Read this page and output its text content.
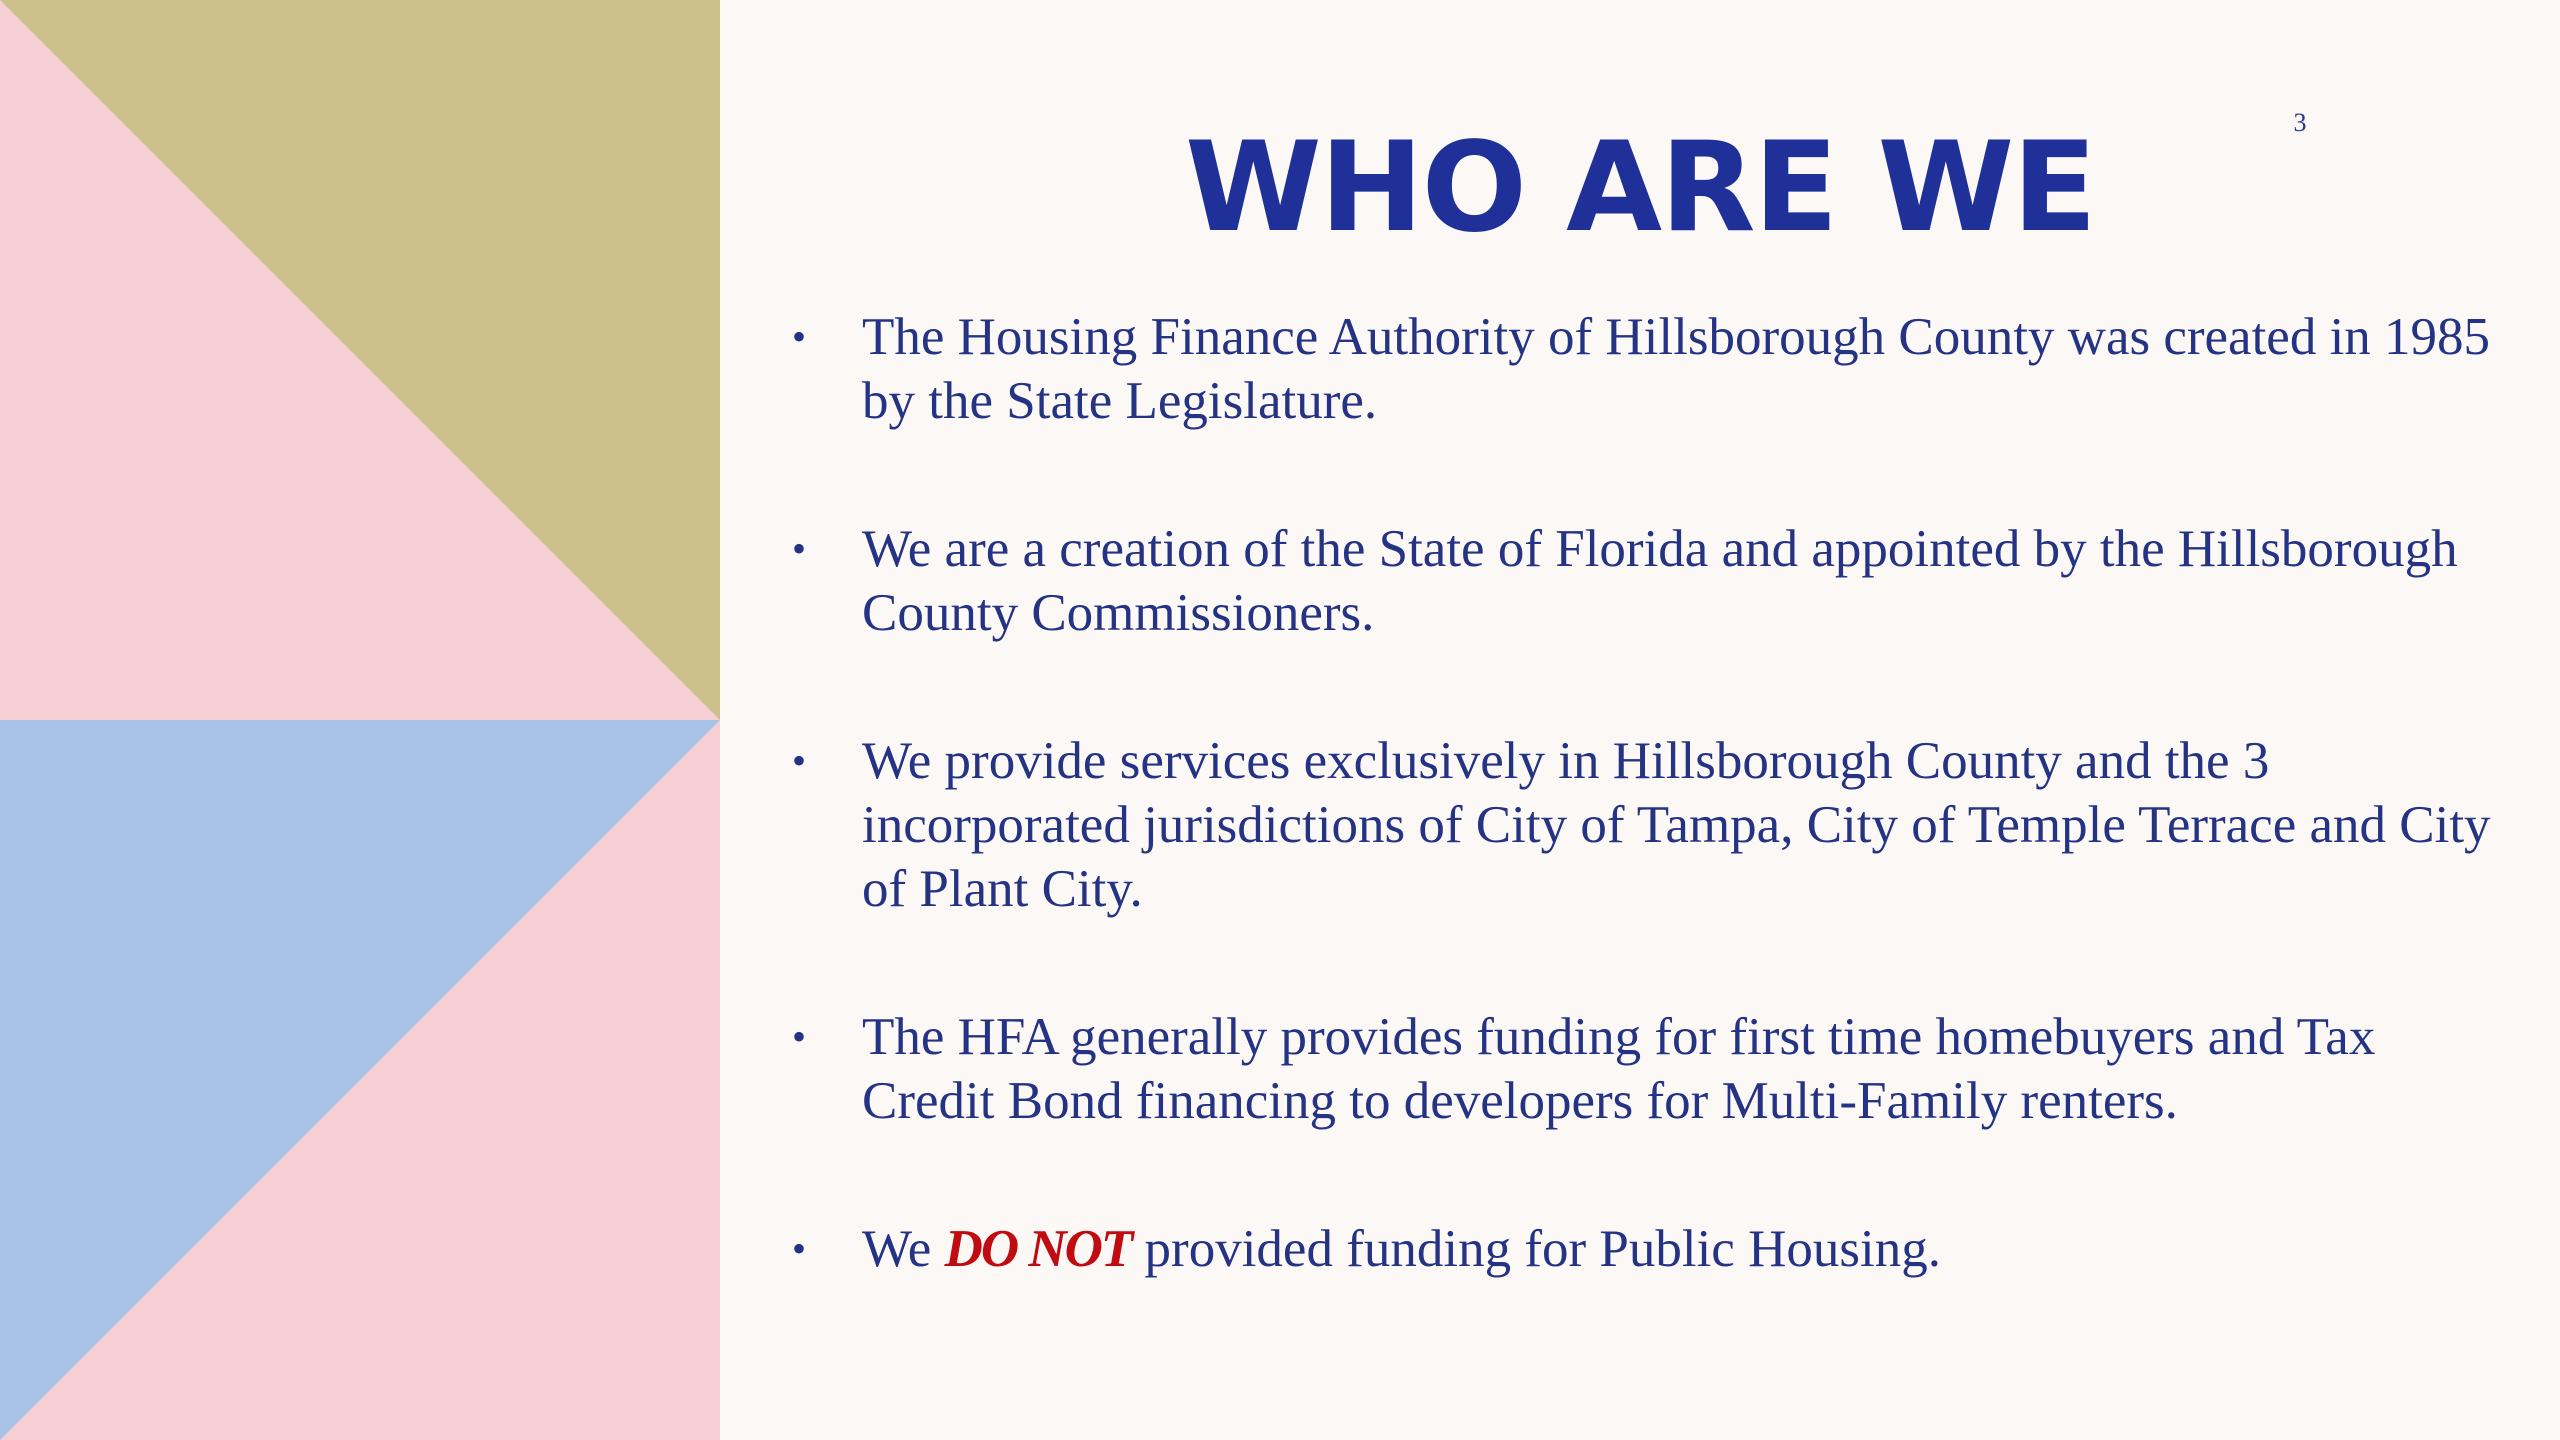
3
WHO ARE WE
• The Housing Finance Authority of Hillsborough County was created in 1985 by the State Legislature.
• We are a creation of the State of Florida and appointed by the Hillsborough County Commissioners.
• We provide services exclusively in Hillsborough County and the 3 incorporated jurisdictions of City of Tampa, City of Temple Terrace and City of Plant City.
• The HFA generally provides funding for first time homebuyers and Tax Credit Bond financing to developers for Multi-Family renters.
• We DO NOT provided funding for Public Housing.
